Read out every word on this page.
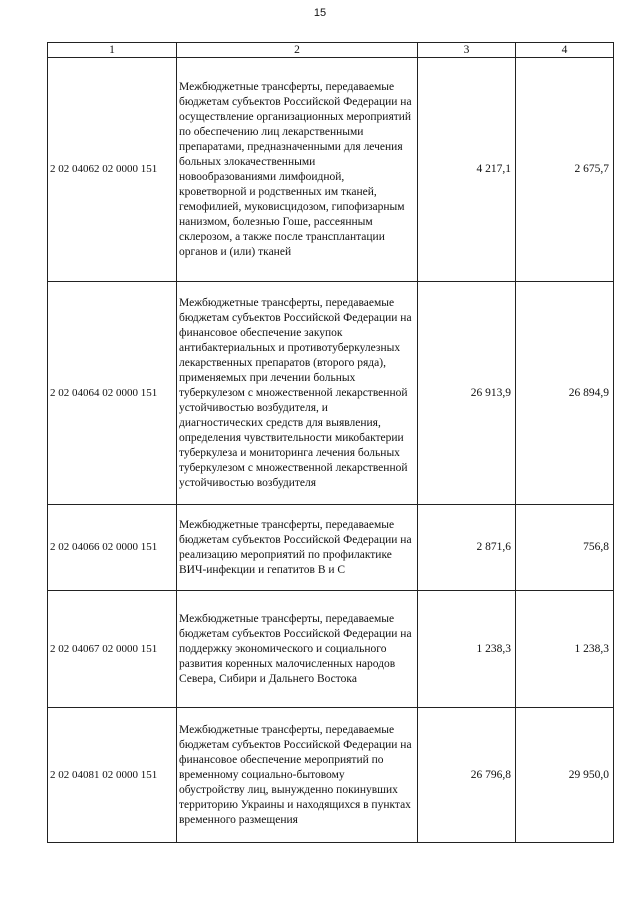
15
1	2	3	4
2 02 04062 02 0000 151	Межбюджетные трансферты, передаваемые бюджетам субъектов Российской Федерации на осуществление организационных мероприятий по обеспечению лиц лекарственными препаратами, предназначенными для лечения больных злокачественными новообразованиями лимфоидной, кроветворной и родственных им тканей, гемофилией, муковисцидозом, гипофизарным нанизмом, болезнью Гоше, рассеянным склерозом, а также после трансплантации органов и (или) тканей	4 217,1	2 675,7
2 02 04064 02 0000 151	Межбюджетные трансферты, передаваемые бюджетам субъектов Российской Федерации на финансовое обеспечение закупок антибактериальных и противотуберкулезных лекарственных препаратов (второго ряда), применяемых при лечении больных туберкулезом с множественной лекарственной устойчивостью возбудителя, и диагностических средств для выявления, определения чувствительности микобактерии туберкулеза и мониторинга лечения больных туберкулезом с множественной лекарственной устойчивостью возбудителя	26 913,9	26 894,9
2 02 04066 02 0000 151	Межбюджетные трансферты, передаваемые бюджетам субъектов Российской Федерации на реализацию мероприятий по профилактике ВИЧ-инфекции и гепатитов В и С	2 871,6	756,8
2 02 04067 02 0000 151	Межбюджетные трансферты, передаваемые бюджетам субъектов Российской Федерации на поддержку экономического и социального развития коренных малочисленных народов Севера, Сибири и Дальнего Востока	1 238,3	1 238,3
2 02 04081 02 0000 151	Межбюджетные трансферты, передаваемые бюджетам субъектов Российской Федерации на финансовое обеспечение мероприятий по временному социально-бытовому обустройству лиц, вынужденно покинувших территорию Украины и находящихся в пунктах временного размещения	26 796,8	29 950,0
